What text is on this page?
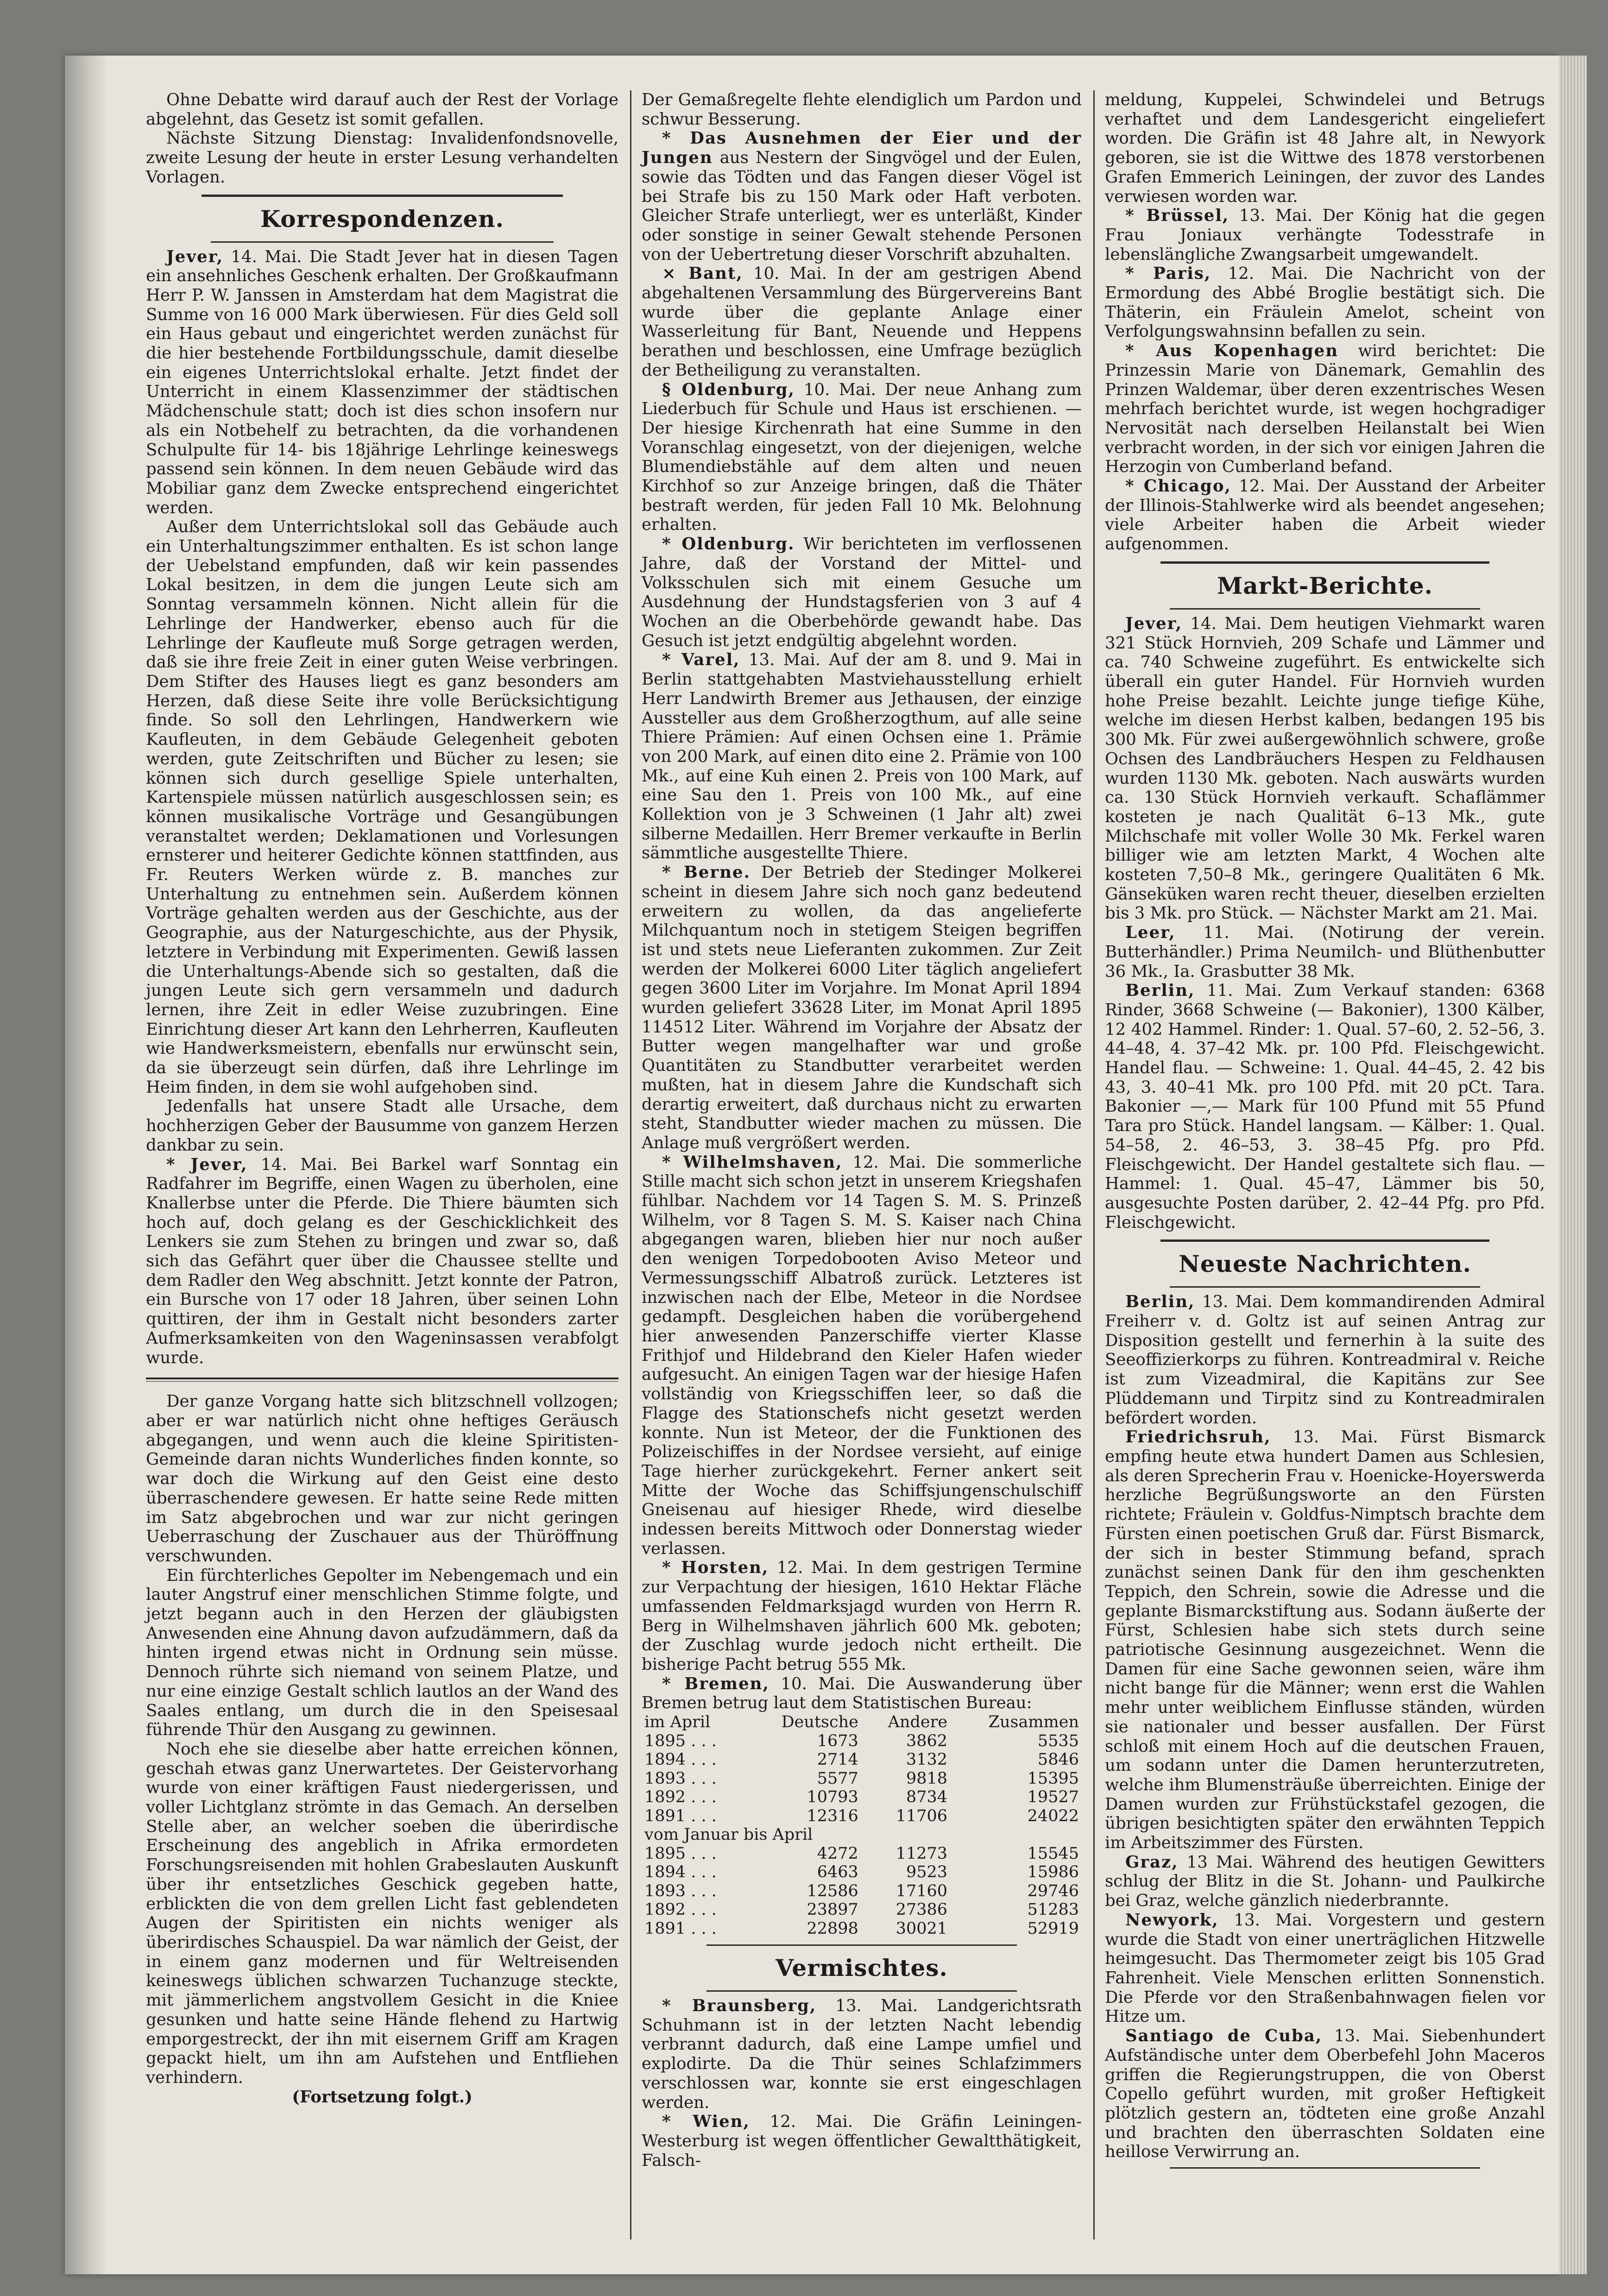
Ohne Debatte wird darauf auch der Rest der Vorlage abgelehnt, das Gesetz ist somit gefallen.

Nächste Sitzung Dienstag: Invalidenfondsnovelle, zweite Lesung der heute in erster Lesung verhandelten Vorlagen.

Korrespondenzen.

Jever, 14. Mai. Die Stadt Jever hat in diesen Tagen ein ansehnliches Geschenk erhalten. Der Großkaufmann Herr P. W. Janssen in Amsterdam hat dem Magistrat die Summe von 16 000 Mark überwiesen. Für dies Geld soll ein Haus gebaut und eingerichtet werden zunächst für die hier bestehende Fortbildungsschule, damit dieselbe ein eigenes Unterrichtslokal erhalte. Jetzt findet der Unterricht in einem Klassenzimmer der städtischen Mädchenschule statt; doch ist dies schon insofern nur als ein Notbehelf zu betrachten, da die vorhandenen Schulpulte für 14- bis 18jährige Lehrlinge keineswegs passend sein können. In dem neuen Gebäude wird das Mobiliar ganz dem Zwecke entsprechend eingerichtet werden.

Außer dem Unterrichtslokal soll das Gebäude auch ein Unterhaltungszimmer enthalten. Es ist schon lange der Uebelstand empfunden, daß wir kein passendes Lokal besitzen, in dem die jungen Leute sich am Sonntag versammeln können. Nicht allein für die Lehrlinge der Handwerker, ebenso auch für die Lehrlinge der Kaufleute muß Sorge getragen werden, daß sie ihre freie Zeit in einer guten Weise verbringen. Dem Stifter des Hauses liegt es ganz besonders am Herzen, daß diese Seite ihre volle Berücksichtigung finde. So soll den Lehrlingen, Handwerkern wie Kaufleuten, in dem Gebäude Gelegenheit geboten werden, gute Zeitschriften und Bücher zu lesen; sie können sich durch gesellige Spiele unterhalten, Kartenspiele müssen natürlich ausgeschlossen sein; es können musikalische Vorträge und Gesangübungen veranstaltet werden; Deklamationen und Vorlesungen ernsterer und heiterer Gedichte können stattfinden, aus Fr. Reuters Werken würde z. B. manches zur Unterhaltung zu entnehmen sein. Außerdem können Vorträge gehalten werden aus der Geschichte, aus der Geographie, aus der Naturgeschichte, aus der Physik, letztere in Verbindung mit Experimenten. Gewiß lassen die Unterhaltungs-Abende sich so gestalten, daß die jungen Leute sich gern versammeln und dadurch lernen, ihre Zeit in edler Weise zuzubringen. Eine Einrichtung dieser Art kann den Lehrherren, Kaufleuten wie Handwerksmeistern, ebenfalls nur erwünscht sein, da sie überzeugt sein dürfen, daß ihre Lehrlinge im Heim finden, in dem sie wohl aufgehoben sind.

Jedenfalls hat unsere Stadt alle Ursache, dem hochherzigen Geber der Bausumme von ganzem Herzen dankbar zu sein.

* Jever, 14. Mai. Bei Barkel warf Sonntag ein Radfahrer im Begriffe, einen Wagen zu überholen, eine Knallerbse unter die Pferde. Die Thiere bäumten sich hoch auf, doch gelang es der Geschicklichkeit des Lenkers sie zum Stehen zu bringen und zwar so, daß sich das Gefährt quer über die Chaussee stellte und dem Radler den Weg abschnitt. Jetzt konnte der Patron, ein Bursche von 17 oder 18 Jahren, über seinen Lohn quittiren, der ihm in Gestalt nicht besonders zarter Aufmerksamkeiten von den Wageninsassen verabfolgt wurde.

Der ganze Vorgang hatte sich blitzschnell vollzogen; aber er war natürlich nicht ohne heftiges Geräusch abgegangen, und wenn auch die kleine Spiritisten-Gemeinde daran nichts Wunderliches finden konnte, so war doch die Wirkung auf den Geist eine desto überraschendere gewesen. Er hatte seine Rede mitten im Satz abgebrochen und war zur nicht geringen Ueberraschung der Zuschauer aus der Thüröffnung verschwunden.

Ein fürchterliches Gepolter im Nebengemach und ein lauter Angstruf einer menschlichen Stimme folgte, und jetzt begann auch in den Herzen der gläubigsten Anwesenden eine Ahnung davon aufzudämmern, daß da hinten irgend etwas nicht in Ordnung sein müsse. Dennoch rührte sich niemand von seinem Platze, und nur eine einzige Gestalt schlich lautlos an der Wand des Saales entlang, um durch die in den Speisesaal führende Thür den Ausgang zu gewinnen.

Noch ehe sie dieselbe aber hatte erreichen können, geschah etwas ganz Unerwartetes. Der Geistervorhang wurde von einer kräftigen Faust niedergerissen, und voller Lichtglanz strömte in das Gemach. An derselben Stelle aber, an welcher soeben die überirdische Erscheinung des angeblich in Afrika ermordeten Forschungsreisenden mit hohlen Grabeslauten Auskunft über ihr entsetzliches Geschick gegeben hatte, erblickten die von dem grellen Licht fast geblendeten Augen der Spiritisten ein nichts weniger als überirdisches Schauspiel. Da war nämlich der Geist, der in einem ganz modernen und für Weltreisenden keineswegs üblichen schwarzen Tuchanzuge steckte, mit jämmerlichem angstvollem Gesicht in die Kniee gesunken und hatte seine Hände flehend zu Hartwig emporgestreckt, der ihn mit eisernem Griff am Kragen gepackt hielt, um ihn am Aufstehen und Entfliehen verhindern.

(Fortsetzung folgt.)

Der Gemaßregelte flehte elendiglich um Pardon und schwur Besserung.

* Das Ausnehmen der Eier und der Jungen aus Nestern der Singvögel und der Eulen, sowie das Tödten und das Fangen dieser Vögel ist bei Strafe bis zu 150 Mark oder Haft verboten. Gleicher Strafe unterliegt, wer es unterläßt, Kinder oder sonstige in seiner Gewalt stehende Personen von der Uebertretung dieser Vorschrift abzuhalten.

× Bant, 10. Mai. In der am gestrigen Abend abgehaltenen Versammlung des Bürgervereins Bant wurde über die geplante Anlage einer Wasserleitung für Bant, Neuende und Heppens berathen und beschlossen, eine Umfrage bezüglich der Betheiligung zu veranstalten.

§ Oldenburg, 10. Mai. Der neue Anhang zum Liederbuch für Schule und Haus ist erschienen. — Der hiesige Kirchenrath hat eine Summe in den Voranschlag eingesetzt, von der diejenigen, welche Blumendiebstähle auf dem alten und neuen Kirchhof so zur Anzeige bringen, daß die Thäter bestraft werden, für jeden Fall 10 Mk. Belohnung erhalten.

* Oldenburg. Wir berichteten im verflossenen Jahre, daß der Vorstand der Mittel- und Volksschulen sich mit einem Gesuche um Ausdehnung der Hundstagsferien von 3 auf 4 Wochen an die Oberbehörde gewandt habe. Das Gesuch ist jetzt endgültig abgelehnt worden.

* Varel, 13. Mai. Auf der am 8. und 9. Mai in Berlin stattgehabten Mastviehausstellung erhielt Herr Landwirth Bremer aus Jethausen, der einzige Aussteller aus dem Großherzogthum, auf alle seine Thiere Prämien: Auf einen Ochsen eine 1. Prämie von 200 Mark, auf einen dito eine 2. Prämie von 100 Mk., auf eine Kuh einen 2. Preis von 100 Mark, auf eine Sau den 1. Preis von 100 Mk., auf eine Kollektion von je 3 Schweinen (1 Jahr alt) zwei silberne Medaillen. Herr Bremer verkaufte in Berlin sämmtliche ausgestellte Thiere.

* Berne. Der Betrieb der Stedinger Molkerei scheint in diesem Jahre sich noch ganz bedeutend erweitern zu wollen, da das angelieferte Milchquantum noch in stetigem Steigen begriffen ist und stets neue Lieferanten zukommen. Zur Zeit werden der Molkerei 6000 Liter täglich angeliefert gegen 3600 Liter im Vorjahre. Im Monat April 1894 wurden geliefert 33628 Liter, im Monat April 1895 114512 Liter. Während im Vorjahre der Absatz der Butter wegen mangelhafter war und große Quantitäten zu Standbutter verarbeitet werden mußten, hat in diesem Jahre die Kundschaft sich derartig erweitert, daß durchaus nicht zu erwarten steht, Standbutter wieder machen zu müssen. Die Anlage muß vergrößert werden.

* Wilhelmshaven, 12. Mai. Die sommerliche Stille macht sich schon jetzt in unserem Kriegshafen fühlbar. Nachdem vor 14 Tagen S. M. S. Prinzeß Wilhelm, vor 8 Tagen S. M. S. Kaiser nach China abgegangen waren, blieben hier nur noch außer den wenigen Torpedobooten Aviso Meteor und Vermessungsschiff Albatroß zurück. Letzteres ist inzwischen nach der Elbe, Meteor in die Nordsee gedampft. Desgleichen haben die vorübergehend hier anwesenden Panzerschiffe vierter Klasse Frithjof und Hildebrand den Kieler Hafen wieder aufgesucht. An einigen Tagen war der hiesige Hafen vollständig von Kriegsschiffen leer, so daß die Flagge des Stationschefs nicht gesetzt werden konnte. Nun ist Meteor, der die Funktionen des Polizeischiffes in der Nordsee versieht, auf einige Tage hierher zurückgekehrt. Ferner ankert seit Mitte der Woche das Schiffsjungenschulschiff Gneisenau auf hiesiger Rhede, wird dieselbe indessen bereits Mittwoch oder Donnerstag wieder verlassen.

* Horsten, 12. Mai. In dem gestrigen Termine zur Verpachtung der hiesigen, 1610 Hektar Fläche umfassenden Feldmarksjagd wurden von Herrn R. Berg in Wilhelmshaven jährlich 600 Mk. geboten; der Zuschlag wurde jedoch nicht ertheilt. Die bisherige Pacht betrug 555 Mk.

* Bremen, 10. Mai. Die Auswanderung über Bremen betrug laut dem Statistischen Bureau:

im April	Deutsche	Andere	Zusammen
1895 . . .	1673	3862	5535
1894 . . .	2714	3132	5846
1893 . . .	5577	9818	15395
1892 . . .	10793	8734	19527
1891 . . .	12316	11706	24022
vom Januar bis April			
1895 . . .	4272	11273	15545
1894 . . .	6463	9523	15986
1893 . . .	12586	17160	29746
1892 . . .	23897	27386	51283
1891 . . .	22898	30021	52919
Vermischtes.

* Braunsberg, 13. Mai. Landgerichtsrath Schuhmann ist in der letzten Nacht lebendig verbrannt dadurch, daß eine Lampe umfiel und explodirte. Da die Thür seines Schlafzimmers verschlossen war, konnte sie erst eingeschlagen werden.

* Wien, 12. Mai. Die Gräfin Leiningen-Westerburg ist wegen öffentlicher Gewaltthätigkeit, Falsch-

meldung, Kuppelei, Schwindelei und Betrugs verhaftet und dem Landesgericht eingeliefert worden. Die Gräfin ist 48 Jahre alt, in Newyork geboren, sie ist die Wittwe des 1878 verstorbenen Grafen Emmerich Leiningen, der zuvor des Landes verwiesen worden war.

* Brüssel, 13. Mai. Der König hat die gegen Frau Joniaux verhängte Todesstrafe in lebenslängliche Zwangsarbeit umgewandelt.

* Paris, 12. Mai. Die Nachricht von der Ermordung des Abbé Broglie bestätigt sich. Die Thäterin, ein Fräulein Amelot, scheint von Verfolgungswahnsinn befallen zu sein.

* Aus Kopenhagen wird berichtet: Die Prinzessin Marie von Dänemark, Gemahlin des Prinzen Waldemar, über deren exzentrisches Wesen mehrfach berichtet wurde, ist wegen hochgradiger Nervosität nach derselben Heilanstalt bei Wien verbracht worden, in der sich vor einigen Jahren die Herzogin von Cumberland befand.

* Chicago, 12. Mai. Der Ausstand der Arbeiter der Illinois-Stahlwerke wird als beendet angesehen; viele Arbeiter haben die Arbeit wieder aufgenommen.

Markt-Berichte.

Jever, 14. Mai. Dem heutigen Viehmarkt waren 321 Stück Hornvieh, 209 Schafe und Lämmer und ca. 740 Schweine zugeführt. Es entwickelte sich überall ein guter Handel. Für Hornvieh wurden hohe Preise bezahlt. Leichte junge tiefige Kühe, welche im diesen Herbst kalben, bedangen 195 bis 300 Mk. Für zwei außergewöhnlich schwere, große Ochsen des Landbräuchers Hespen zu Feldhausen wurden 1130 Mk. geboten. Nach auswärts wurden ca. 130 Stück Hornvieh verkauft. Schaflämmer kosteten je nach Qualität 6–13 Mk., gute Milchschafe mit voller Wolle 30 Mk. Ferkel waren billiger wie am letzten Markt, 4 Wochen alte kosteten 7,50–8 Mk., geringere Qualitäten 6 Mk. Gänseküken waren recht theuer, dieselben erzielten bis 3 Mk. pro Stück. — Nächster Markt am 21. Mai.

Leer, 11. Mai. (Notirung der verein. Butterhändler.) Prima Neumilch- und Blüthenbutter 36 Mk., Ia. Grasbutter 38 Mk.

Berlin, 11. Mai. Zum Verkauf standen: 6368 Rinder, 3668 Schweine (— Bakonier), 1300 Kälber, 12 402 Hammel. Rinder: 1. Qual. 57–60, 2. 52–56, 3. 44–48, 4. 37–42 Mk. pr. 100 Pfd. Fleischgewicht. Handel flau. — Schweine: 1. Qual. 44–45, 2. 42 bis 43, 3. 40–41 Mk. pro 100 Pfd. mit 20 pCt. Tara. Bakonier —,— Mark für 100 Pfund mit 55 Pfund Tara pro Stück. Handel langsam. — Kälber: 1. Qual. 54–58, 2. 46–53, 3. 38–45 Pfg. pro Pfd. Fleischgewicht. Der Handel gestaltete sich flau. — Hammel: 1. Qual. 45–47, Lämmer bis 50, ausgesuchte Posten darüber, 2. 42–44 Pfg. pro Pfd. Fleischgewicht.

Neueste Nachrichten.

Berlin, 13. Mai. Dem kommandirenden Admiral Freiherr v. d. Goltz ist auf seinen Antrag zur Disposition gestellt und fernerhin à la suite des Seeoffizierkorps zu führen. Kontreadmiral v. Reiche ist zum Vizeadmiral, die Kapitäns zur See Plüddemann und Tirpitz sind zu Kontreadmiralen befördert worden.

Friedrichsruh, 13. Mai. Fürst Bismarck empfing heute etwa hundert Damen aus Schlesien, als deren Sprecherin Frau v. Hoenicke-Hoyerswerda herzliche Begrüßungsworte an den Fürsten richtete; Fräulein v. Goldfus-Nimptsch brachte dem Fürsten einen poetischen Gruß dar. Fürst Bismarck, der sich in bester Stimmung befand, sprach zunächst seinen Dank für den ihm geschenkten Teppich, den Schrein, sowie die Adresse und die geplante Bismarckstiftung aus. Sodann äußerte der Fürst, Schlesien habe sich stets durch seine patriotische Gesinnung ausgezeichnet. Wenn die Damen für eine Sache gewonnen seien, wäre ihm nicht bange für die Männer; wenn erst die Wahlen mehr unter weiblichem Einflusse ständen, würden sie nationaler und besser ausfallen. Der Fürst schloß mit einem Hoch auf die deutschen Frauen, um sodann unter die Damen herunterzutreten, welche ihm Blumensträuße überreichten. Einige der Damen wurden zur Frühstückstafel gezogen, die übrigen besichtigten später den erwähnten Teppich im Arbeitszimmer des Fürsten.

Graz, 13 Mai. Während des heutigen Gewitters schlug der Blitz in die St. Johann- und Paulkirche bei Graz, welche gänzlich niederbrannte.

Newyork, 13. Mai. Vorgestern und gestern wurde die Stadt von einer unerträglichen Hitzwelle heimgesucht. Das Thermometer zeigt bis 105 Grad Fahrenheit. Viele Menschen erlitten Sonnenstich. Die Pferde vor den Straßenbahnwagen fielen vor Hitze um.

Santiago de Cuba, 13. Mai. Siebenhundert Aufständische unter dem Oberbefehl John Maceros griffen die Regierungstruppen, die von Oberst Copello geführt wurden, mit großer Heftigkeit plötzlich gestern an, tödteten eine große Anzahl und brachten den überraschten Soldaten eine heillose Verwirrung an.
